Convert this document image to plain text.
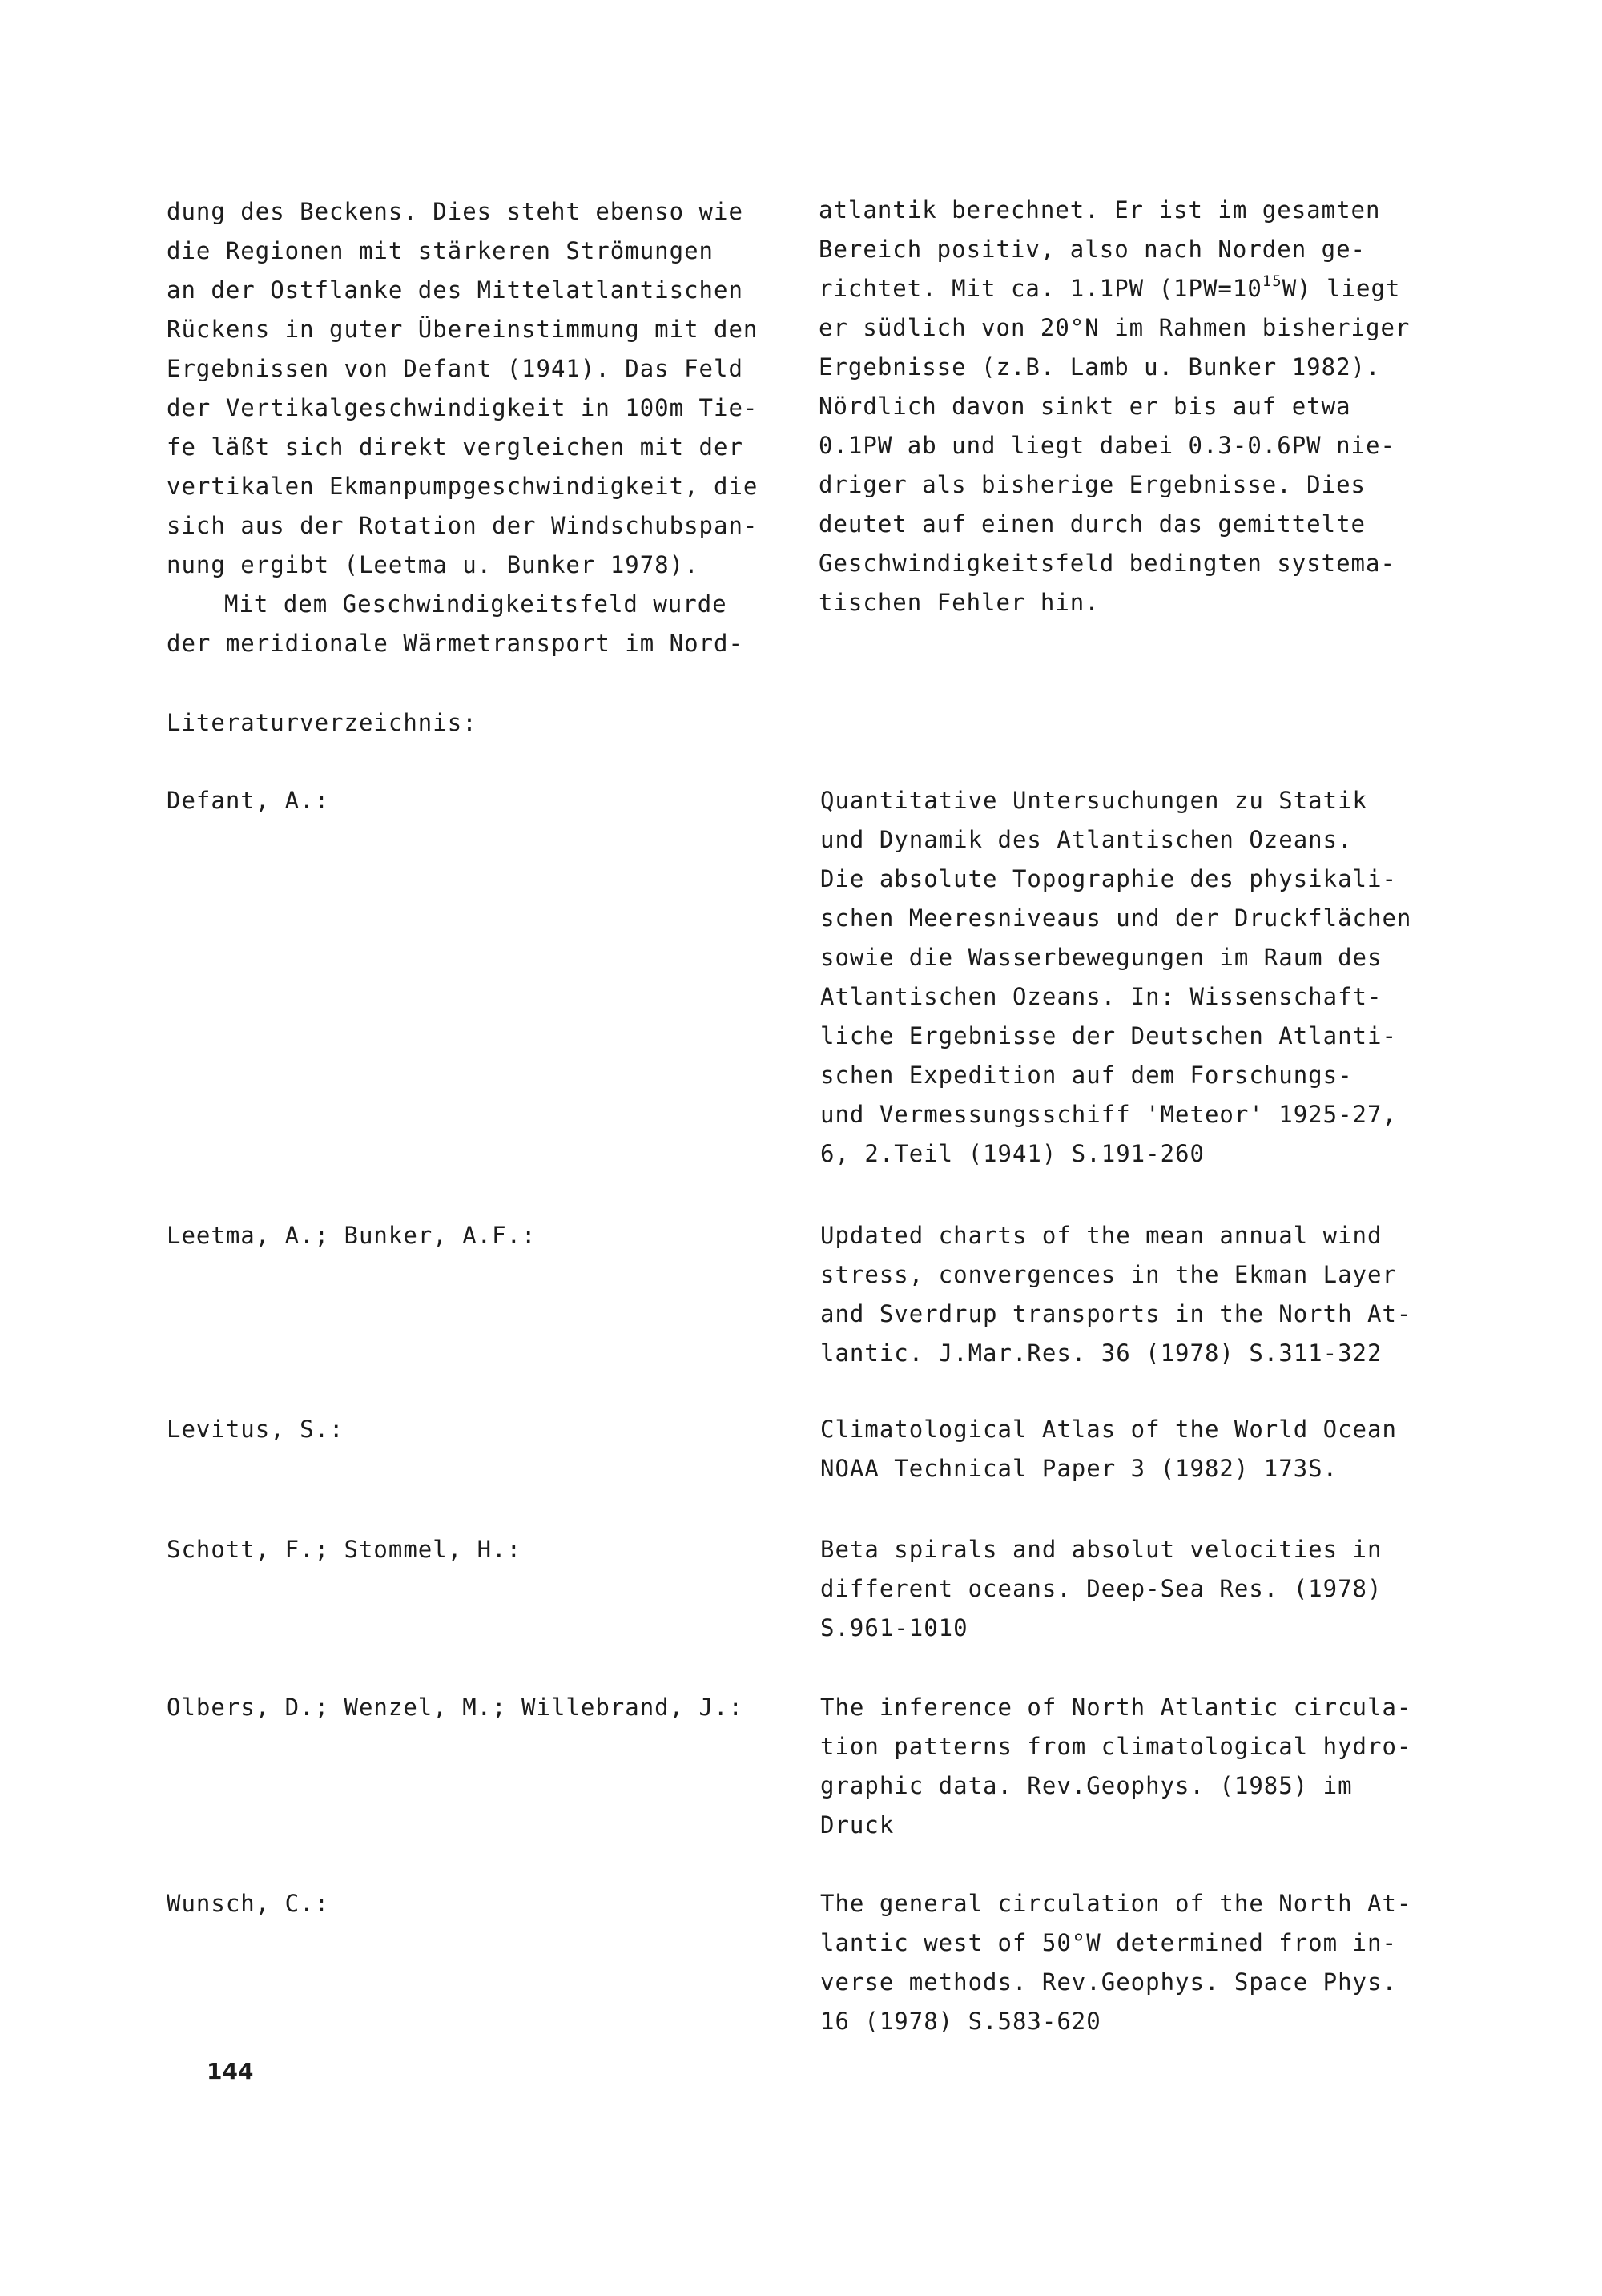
dung des Beckens. Dies steht ebenso wie
die Regionen mit stärkeren Strömungen
an der Ostflanke des Mittelatlantischen
Rückens in guter Übereinstimmung mit den
Ergebnissen von Defant (1941). Das Feld
der Vertikalgeschwindigkeit in 100m Tie-
fe läßt sich direkt vergleichen mit der
vertikalen Ekmanpumpgeschwindigkeit, die
sich aus der Rotation der Windschubspan-
nung ergibt (Leetma u. Bunker 1978).
Mit dem Geschwindigkeitsfeld wurde
der meridionale Wärmetransport im Nord-
atlantik berechnet. Er ist im gesamten
Bereich positiv, also nach Norden ge-
richtet. Mit ca. 1.1PW $(1PW=10^{15}W)$ liegt
er südlich von 20°N im Rahmen bisheriger
Ergebnisse (z.B. Lamb u. Bunker 1982).
Nördlich davon sinkt er bis auf etwa
0.1PW ab und liegt dabei 0.3-0.6PW nie-
driger als bisherige Ergebnisse. Dies
deutet auf einen durch das gemittelte
Geschwindigkeitsfeld bedingten systema-
tischen Fehler hin.
Literaturverzeichnis:
Defant, A.:	Quantitative Untersuchungen zu Statik
und Dynamik des Atlantischen Ozeans.
Die absolute Topographie des physikali-
schen Meeresniveaus und der Druckflächen
sowie die Wasserbewegungen im Raum des
Atlantischen Ozeans. In: Wissenschaft-
liche Ergebnisse der Deutschen Atlanti-
schen Expedition auf dem Forschungs-
und Vermessungsschiff 'Meteor' 1925-27,
6, 2.Teil (1941) S.191-260
Leetma, A.; Bunker, A.F.:	Updated charts of the mean annual wind
stress, convergences in the Ekman Layer
and Sverdrup transports in the North At-
lantic. J.Mar.Res. 36 (1978) S.311-322
Levitus, S.:	Climatological Atlas of the World Ocean
NOAA Technical Paper 3 (1982) 173S.
Schott, F.; Stommel, H.:	Beta spirals and absolut velocities in
different oceans. Deep-Sea Res. (1978)
S.961-1010
Olbers, D.; Wenzel, M.; Willebrand, J.:	The inference of North Atlantic circula-
tion patterns from climatological hydro-
graphic data. Rev.Geophys. (1985) im
Druck
Wunsch, C.:	The general circulation of the North At-
lantic west of 50°W determined from in-
verse methods. Rev.Geophys. Space Phys.
16 (1978) S.583-620
144
